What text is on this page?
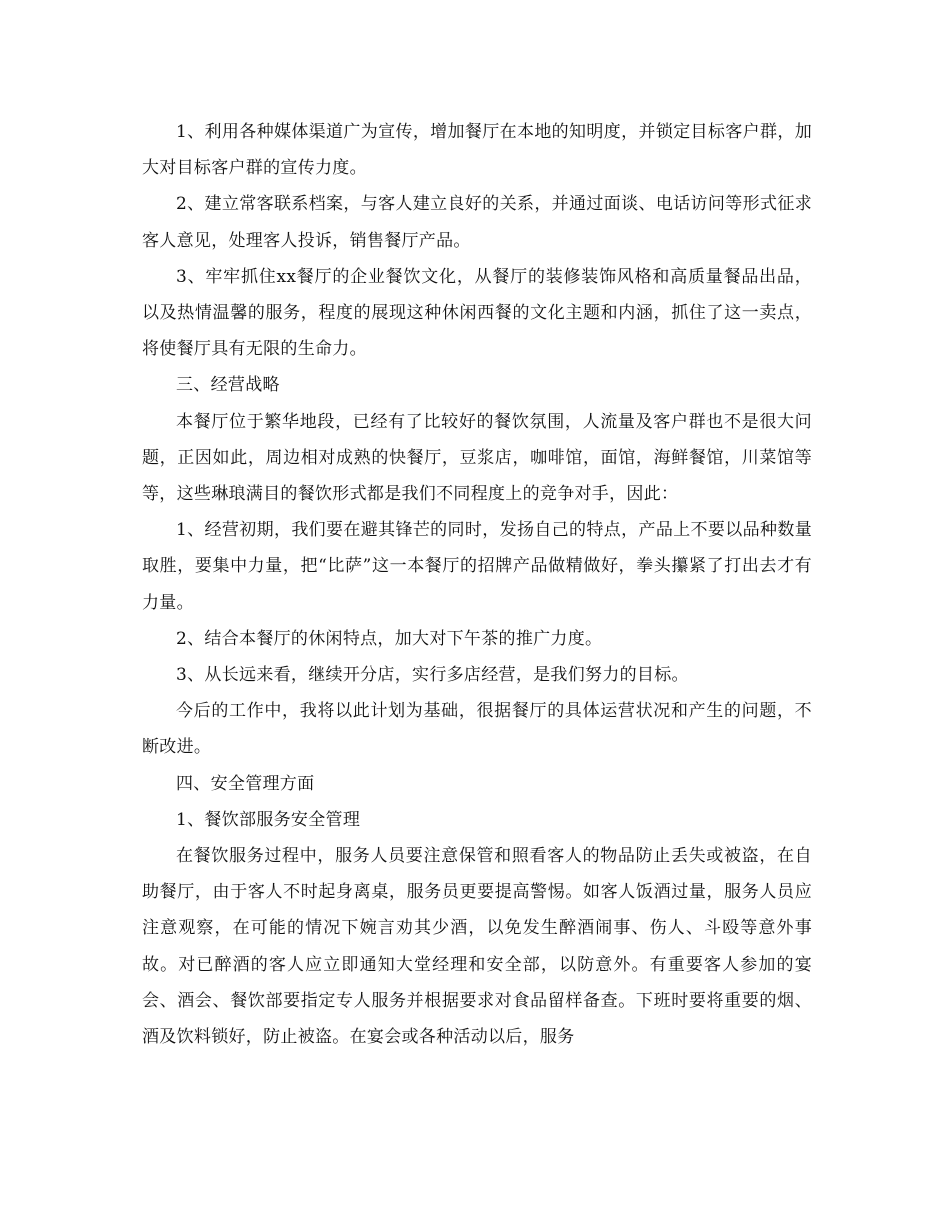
1、利用各种媒体渠道广为宣传，增加餐厅在本地的知明度，并锁定目标客户群，加大对目标客户群的宣传力度。

2、建立常客联系档案，与客人建立良好的关系，并通过面谈、电话访问等形式征求客人意见，处理客人投诉，销售餐厅产品。

3、牢牢抓住xx餐厅的企业餐饮文化，从餐厅的装修装饰风格和高质量餐品出品，以及热情温馨的服务，程度的展现这种休闲西餐的文化主题和内涵，抓住了这一卖点，将使餐厅具有无限的生命力。

三、经营战略

本餐厅位于繁华地段，已经有了比较好的餐饮氛围，人流量及客户群也不是很大问题，正因如此，周边相对成熟的快餐厅，豆浆店，咖啡馆，面馆，海鲜餐馆，川菜馆等等，这些琳琅满目的餐饮形式都是我们不同程度上的竞争对手，因此：

1、经营初期，我们要在避其锋芒的同时，发扬自己的特点，产品上不要以品种数量取胜，要集中力量，把“比萨”这一本餐厅的招牌产品做精做好，拳头攥紧了打出去才有力量。

2、结合本餐厅的休闲特点，加大对下午茶的推广力度。

3、从长远来看，继续开分店，实行多店经营，是我们努力的目标。

今后的工作中，我将以此计划为基础，很据餐厅的具体运营状况和产生的问题，不断改进。

四、安全管理方面

1、餐饮部服务安全管理

在餐饮服务过程中，服务人员要注意保管和照看客人的物品防止丢失或被盗，在自助餐厅，由于客人不时起身离桌，服务员更要提高警惕。如客人饭酒过量，服务人员应注意观察，在可能的情况下婉言劝其少酒，以免发生醉酒闹事、伤人、斗殴等意外事故。对已醉酒的客人应立即通知大堂经理和安全部，以防意外。有重要客人参加的宴会、酒会、餐饮部要指定专人服务并根据要求对食品留样备查。下班时要将重要的烟、酒及饮料锁好，防止被盗。在宴会或各种活动以后，服务
